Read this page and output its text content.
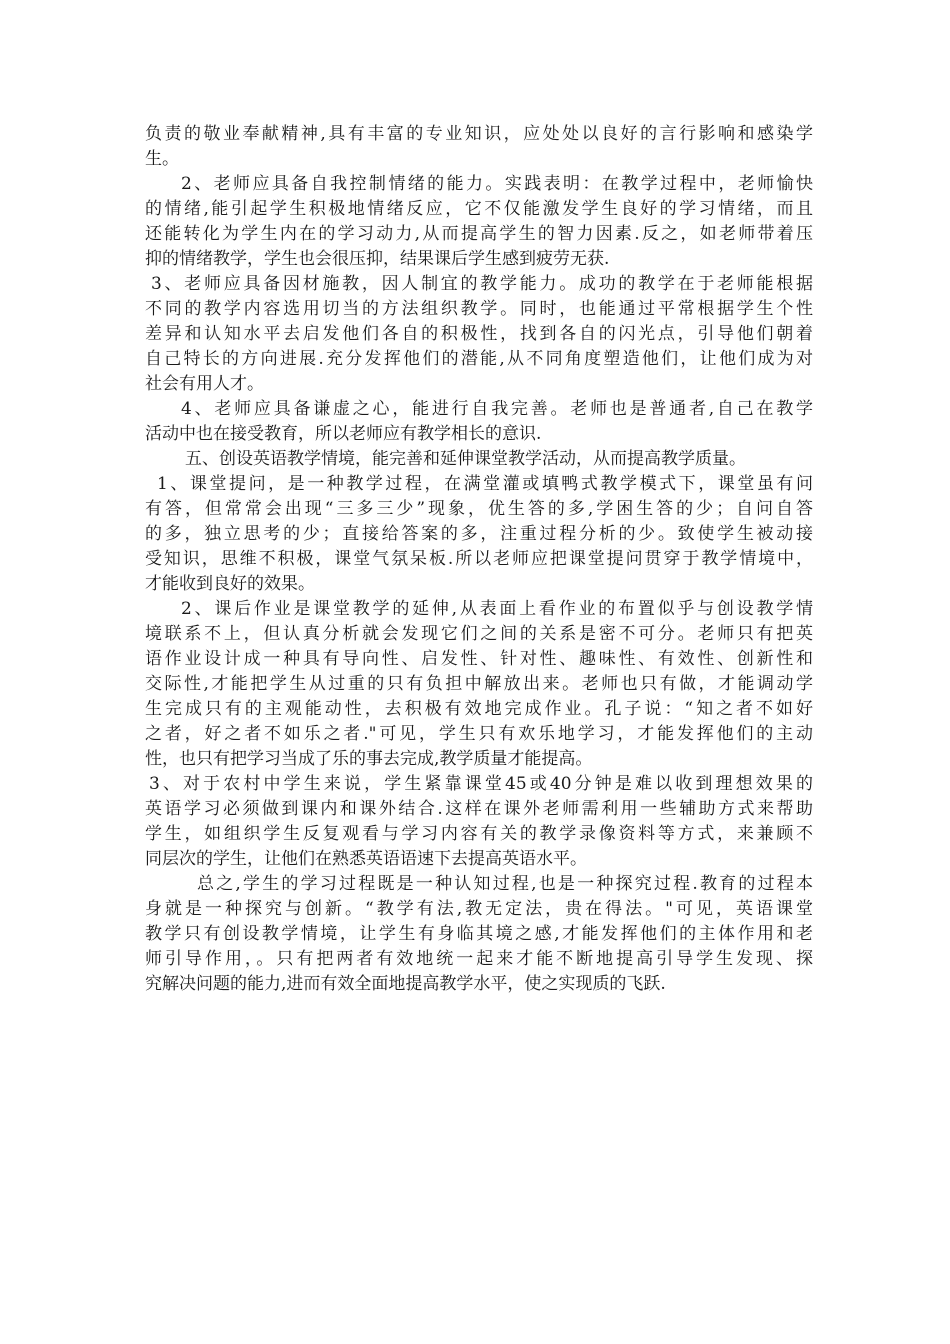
负责的敬业奉献精神,具有丰富的专业知识，应处处以良好的言行影响和感染学
生。
2、老师应具备自我控制情绪的能力。实践表明：在教学过程中，老师愉快
的情绪,能引起学生积极地情绪反应，它不仅能激发学生良好的学习情绪，而且
还能转化为学生内在的学习动力,从而提高学生的智力因素.反之，如老师带着压
抑的情绪教学，学生也会很压抑，结果课后学生感到疲劳无获.
3、老师应具备因材施教，因人制宜的教学能力。成功的教学在于老师能根据
不同的教学内容选用切当的方法组织教学。同时，也能通过平常根据学生个性
差异和认知水平去启发他们各自的积极性，找到各自的闪光点，引导他们朝着
自己特长的方向进展.充分发挥他们的潜能,从不同角度塑造他们，让他们成为对
社会有用人才。
4、老师应具备谦虚之心，能进行自我完善。老师也是普通者,自己在教学
活动中也在接受教育，所以老师应有教学相长的意识.
五、创设英语教学情境，能完善和延伸课堂教学活动，从而提高教学质量。
1、课堂提问，是一种教学过程，在满堂灌或填鸭式教学模式下，课堂虽有问
有答，但常常会出现“三多三少”现象，优生答的多,学困生答的少；自问自答
的多，独立思考的少；直接给答案的多，注重过程分析的少。致使学生被动接
受知识，思维不积极，课堂气氛呆板.所以老师应把课堂提问贯穿于教学情境中，
才能收到良好的效果。
2、课后作业是课堂教学的延伸,从表面上看作业的布置似乎与创设教学情
境联系不上，但认真分析就会发现它们之间的关系是密不可分。老师只有把英
语作业设计成一种具有导向性、启发性、针对性、趣味性、有效性、创新性和
交际性,才能把学生从过重的只有负担中解放出来。老师也只有做，才能调动学
生完成只有的主观能动性，去积极有效地完成作业。孔子说：“知之者不如好
之者，好之者不如乐之者."可见，学生只有欢乐地学习，才能发挥他们的主动
性，也只有把学习当成了乐的事去完成,教学质量才能提高。
3、对于农村中学生来说，学生紧靠课堂45或40分钟是难以收到理想效果的
英语学习必须做到课内和课外结合.这样在课外老师需利用一些辅助方式来帮助
学生，如组织学生反复观看与学习内容有关的教学录像资料等方式，来兼顾不
同层次的学生，让他们在熟悉英语语速下去提高英语水平。
总之,学生的学习过程既是一种认知过程,也是一种探究过程.教育的过程本
身就是一种探究与创新。“教学有法,教无定法，贵在得法。"可见，英语课堂
教学只有创设教学情境，让学生有身临其境之感,才能发挥他们的主体作用和老
师引导作用，。只有把两者有效地统一起来才能不断地提高引导学生发现、探
究解决问题的能力,进而有效全面地提高教学水平，使之实现质的飞跃.
